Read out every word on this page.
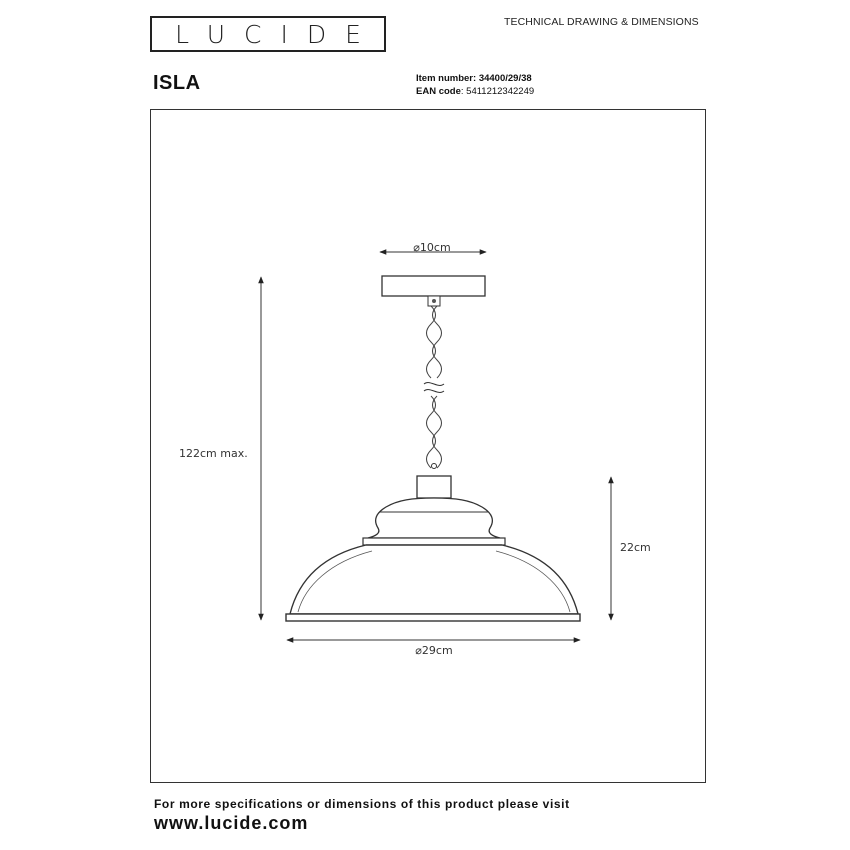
LUCIDE	TECHNICAL DRAWING & DIMENSIONS
ISLA	Item number: 34400/29/38
EAN code: 5411212342249
⌀10cm
122cm max.
22cm
⌀29cm
For more specifications or dimensions of this product please visit
www.lucide.com
